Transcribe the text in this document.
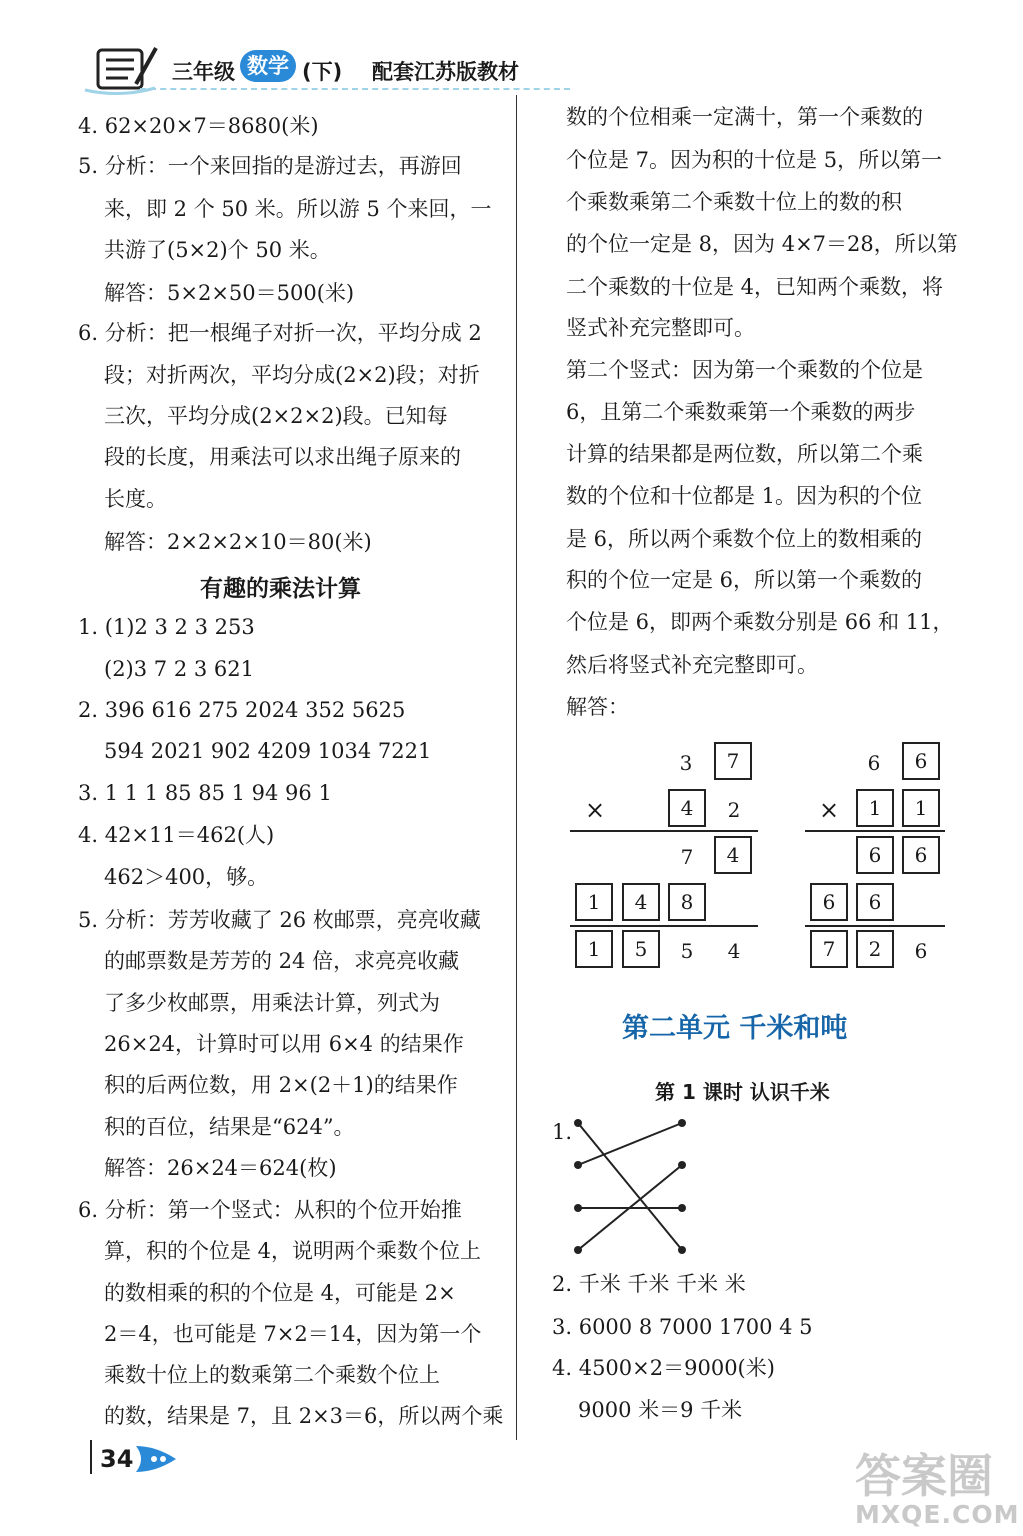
三年级 数学 (下) 配套江苏版教材
4. 62×20×7＝8680(米)
5. 分析：一个来回指的是游过去，再游回
来，即 2 个 50 米。所以游 5 个来回，一
共游了(5×2)个 50 米。
解答：5×2×50＝500(米)
6. 分析：把一根绳子对折一次，平均分成 2
段；对折两次，平均分成(2×2)段；对折
三次，平均分成(2×2×2)段。已知每
段的长度，用乘法可以求出绳子原来的
长度。
解答：2×2×2×10＝80(米)
有趣的乘法计算
1. (1)2 3 2 3 253
(2)3 7 2 3 621
2. 396 616 275 2024 352 5625
594 2021 902 4209 1034 7221
3. 1 1 1 85 85 1 94 96 1
4. 42×11＝462(人)
462＞400，够。
5. 分析：芳芳收藏了 26 枚邮票，亮亮收藏
的邮票数是芳芳的 24 倍，求亮亮收藏
了多少枚邮票，用乘法计算，列式为
26×24，计算时可以用 6×4 的结果作
积的后两位数，用 2×(2＋1)的结果作
积的百位，结果是“624”。
解答：26×24＝624(枚)
6. 分析：第一个竖式：从积的个位开始推
算，积的个位是 4，说明两个乘数个位上
的数相乘的积的个位是 4，可能是 2×
2＝4，也可能是 7×2＝14，因为第一个
乘数十位上的数乘第二个乘数个位上
的数，结果是 7，且 2×3＝6，所以两个乘
数的个位相乘一定满十，第一个乘数的
个位是 7。因为积的十位是 5，所以第一
个乘数乘第二个乘数十位上的数的积
的个位一定是 8，因为 4×7＝28，所以第
二个乘数的十位是 4，已知两个乘数，将
竖式补充完整即可。
第二个竖式：因为第一个乘数的个位是
6，且第二个乘数乘第一个乘数的两步
计算的结果都是两位数，所以第二个乘
数的个位和十位都是 1。因为积的个位
是 6，所以两个乘数个位上的数相乘的
积的个位一定是 6，所以第一个乘数的
个位是 6，即两个乘数分别是 66 和 11，
然后将竖式补充完整即可。
解答：
3	7
×	4	2
7	4
1 4 8
1 5	5	4
6	6
×	1 1
6 6
6 6
7 2	6
第二单元 千米和吨
第 1 课时 认识千米
1.
2. 千米 千米 千米 米
3. 6000 8 7000 1700 4 5
4. 4500×2＝9000(米)
9000 米＝9 千米
34	答案圈
MXQE.COM
